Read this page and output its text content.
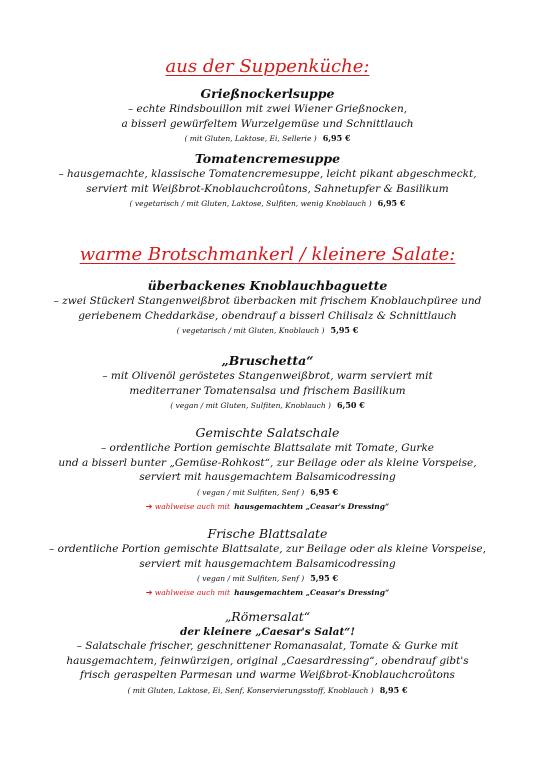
aus der Suppenküche:
Grießnockerlsuppe
– echte Rindsbouillon mit zwei Wiener Grießnocken,
a bisserl gewürfeltem Wurzelgemüse und Schnittlauch
( mit Gluten, Laktose, Ei, Sellerie ) 6,95 €
Tomatencremesuppe
– hausgemachte, klassische Tomatencremesuppe, leicht pikant abgeschmeckt,
serviert mit Weißbrot-Knoblauchcroûtons, Sahnetupfer & Basilikum
( vegetarisch / mit Gluten, Laktose, Sulfiten, wenig Knoblauch ) 6,95 €
warme Brotschmankerl / kleinere Salate:
überbackenes Knoblauchbaguette
– zwei Stückerl Stangenweißbrot überbacken mit frischem Knoblauchpüree und
geriebenem Cheddarkäse, obendrauf a bisserl Chilisalz & Schnittlauch
( vegetarisch / mit Gluten, Knoblauch ) 5,95 €
„Bruschetta“
– mit Olivenöl geröstetes Stangenweißbrot, warm serviert mit
mediterraner Tomatensalsa und frischem Basilikum
( vegan / mit Gluten, Sulfiten, Knoblauch ) 6,50 €
Gemischte Salatschale
– ordentliche Portion gemischte Blattsalate mit Tomate, Gurke
und a bisserl bunter „Gemüse-Rohkost“, zur Beilage oder als kleine Vorspeise,
serviert mit hausgemachtem Balsamicodressing
( vegan / mit Sulfiten, Senf ) 6,95 €
➔ wahlweise auch mit hausgemachtem „Ceasar's Dressing“
Frische Blattsalate
– ordentliche Portion gemischte Blattsalate, zur Beilage oder als kleine Vorspeise,
serviert mit hausgemachtem Balsamicodressing
( vegan / mit Sulfiten, Senf ) 5,95 €
➔ wahlweise auch mit hausgemachtem „Ceasar's Dressing“
„Römersalat“
der kleinere „Caesar's Salat“!
– Salatschale frischer, geschnittener Romanasalat, Tomate & Gurke mit
hausgemachtem, feinwürzigen, original „Caesardressing“, obendrauf gibt's
frisch geraspelten Parmesan und warme Weißbrot-Knoblauchcroûtons
( mit Gluten, Laktose, Ei, Senf, Konservierungsstoff, Knoblauch ) 8,95 €
